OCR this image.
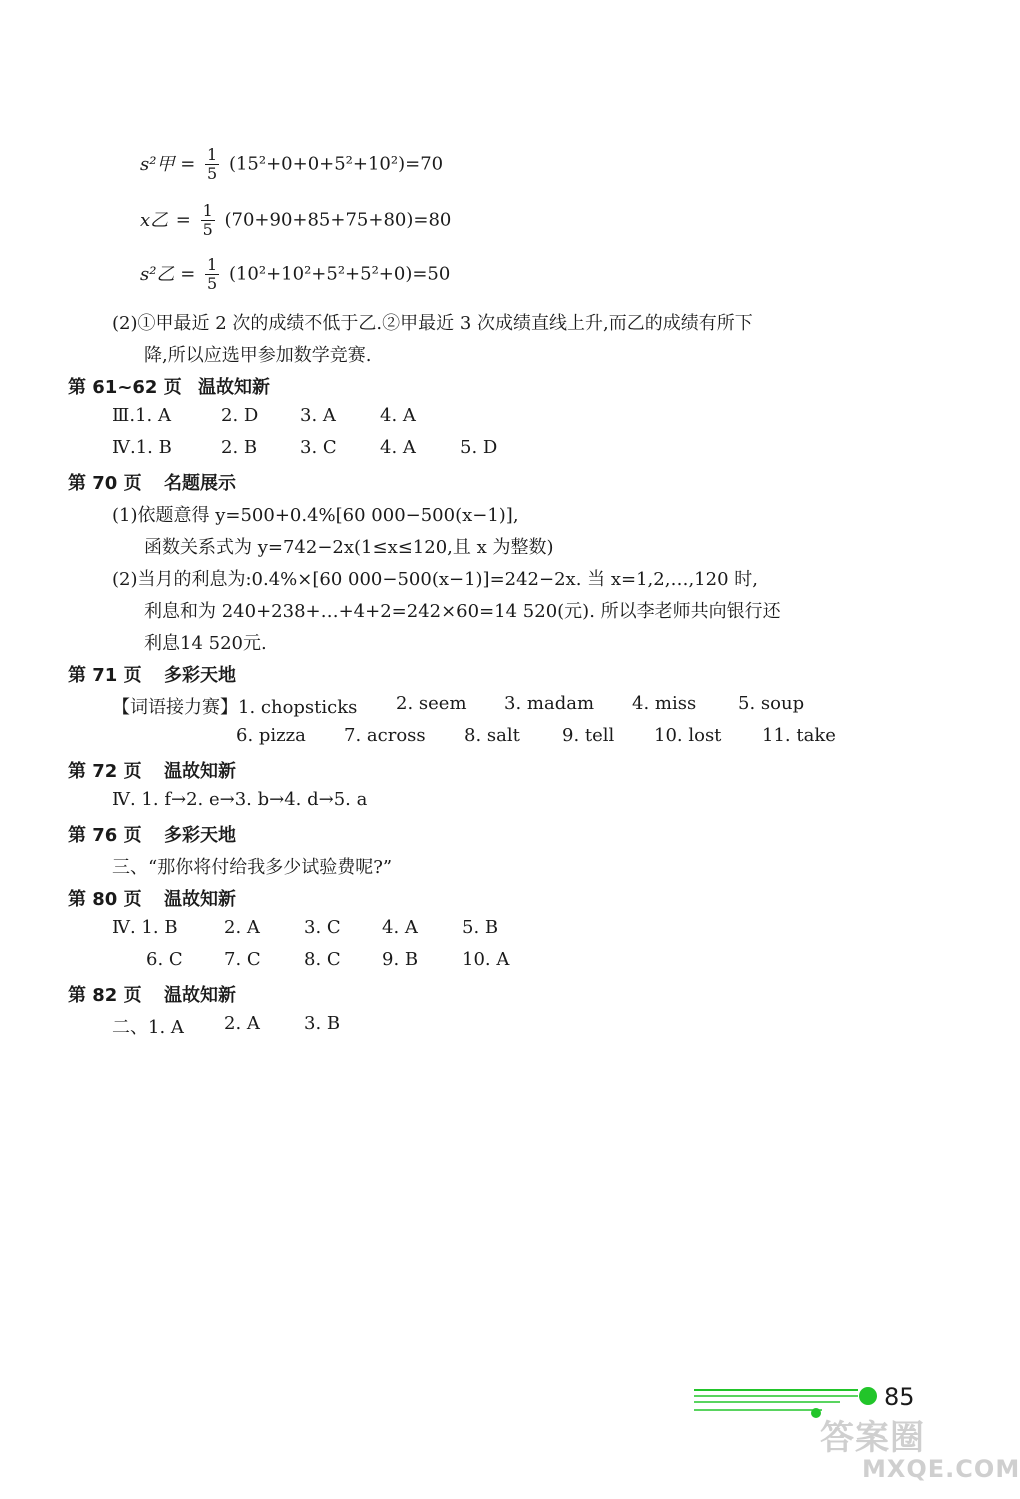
s²甲 = $\frac{1}{5} (15^2+0+0+5^2+10^2)=70$
x乙 = $\frac{1}{5} (70+90+85+75+80)=80$
s²乙 = $\frac{1}{5} (10^2+10^2+5^2+5^2+0)=50$
(2)①甲最近 2 次的成绩不低于乙.②甲最近 3 次成绩直线上升,而乙的成绩有所下
降,所以应选甲参加数学竞赛.
第 61~62 页 温故知新
Ⅲ.1. A	2. D 3. A 4. A
Ⅳ.1. B	2. B 3. C 4. A 5. D
第 70 页 名题展示
(1)依题意得 y=500+0.4%[60 000−500(x−1)],
函数关系式为 y=742−2x(1≤x≤120,且 x 为整数)
(2)当月的利息为:0.4%×[60 000−500(x−1)]=242−2x. 当 x=1,2,…,120 时,
利息和为 240+238+…+4+2=242×60=14 520(元). 所以李老师共向银行还
利息14 520元.
第 71 页 多彩天地
【词语接力赛】1. chopsticks 2. seem 3. madam 4. miss 5. soup
6. pizza 7. across 8. salt 9. tell 10. lost 11. take
第 72 页 温故知新
Ⅳ. 1. f→2. e→3. b→4. d→5. a
第 76 页 多彩天地
三、“那你将付给我多少试验费呢?”
第 80 页 温故知新
Ⅳ. 1. B	2. A 3. C 4. A 5. B
6. C 7. C 8. C 9. B 10. A
第 82 页 温故知新
二、1. A 2. A 3. B
85
答案圈
MXQE.COM
